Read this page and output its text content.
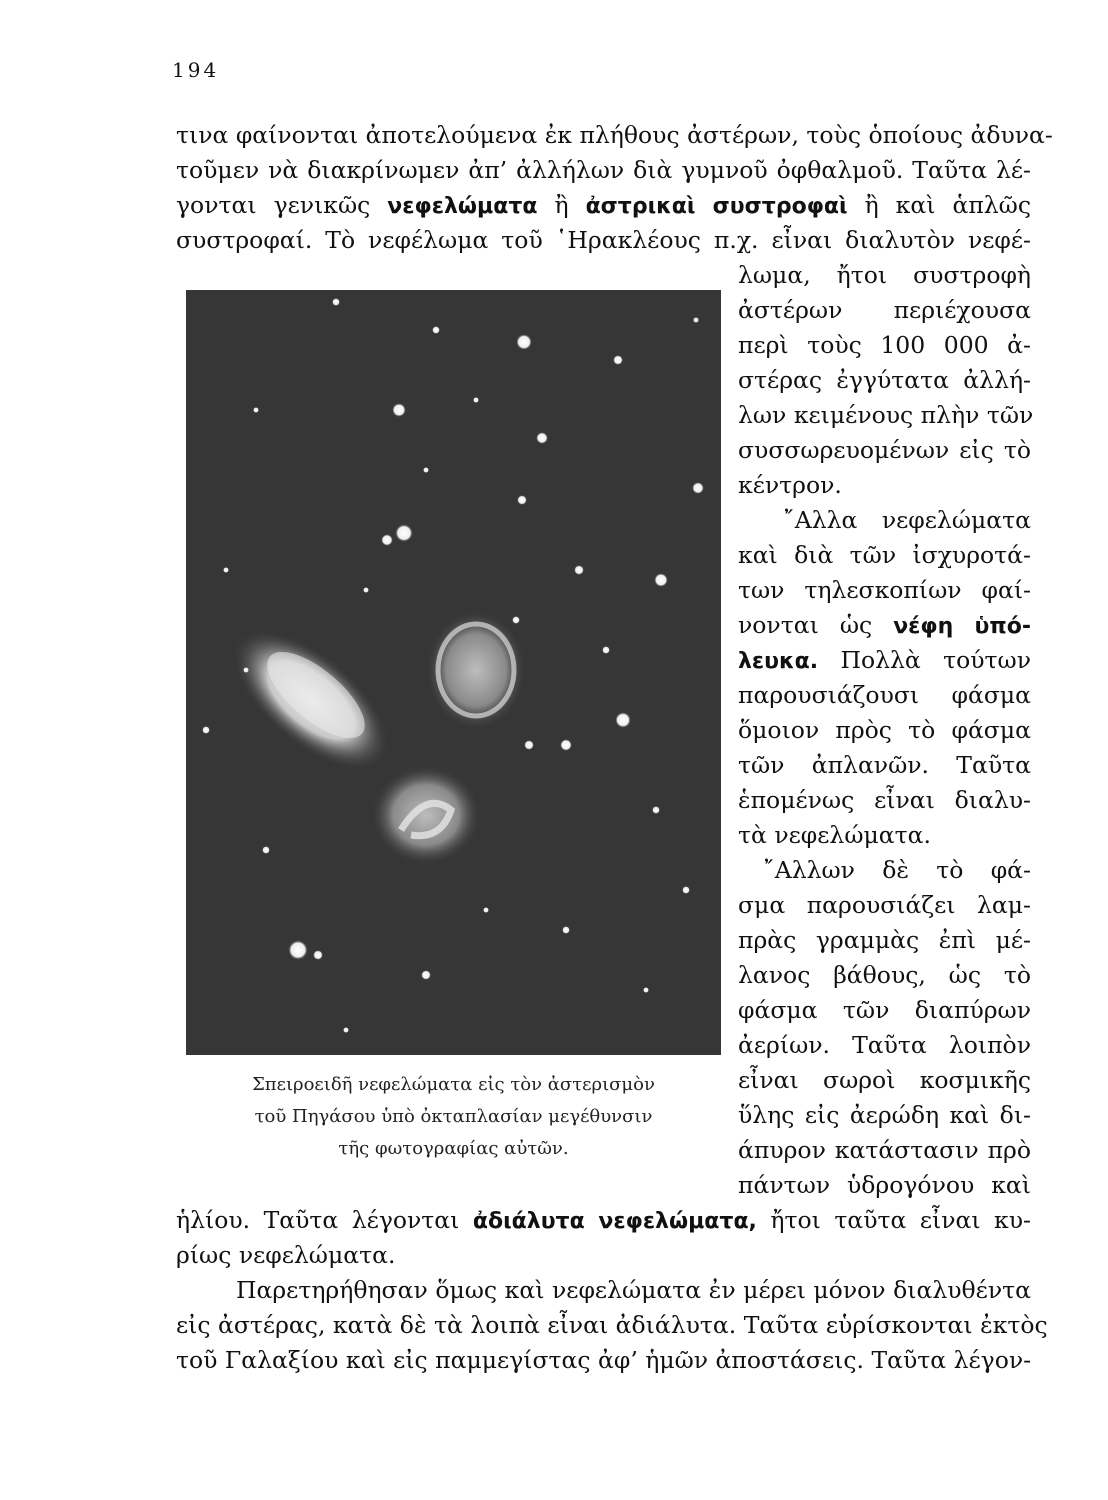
194
τινα φαίνονται ἀποτελούμενα ἐκ πλήθους ἀστέρων, τοὺς ὁποίους ἀδυνα-
τοῦμεν νὰ διακρίνωμεν ἀπ’ ἀλλήλων διὰ γυμνοῦ ὀφθαλμοῦ. Ταῦτα λέ-
γονται γενικῶς νεφελώματα ἢ ἀστρικαὶ συστροφαὶ ἢ καὶ ἁπλῶς
συστροφαί. Τὸ νεφέλωμα τοῦ ῾Ηρακλέους π.χ. εἶναι διαλυτὸν νεφέ-
λωμα, ἤτοι συστροφὴ
ἀστέρων περιέχουσα
περὶ τοὺς 100 000 ἀ-
στέρας ἐγγύτατα ἀλλή-
λων κειμένους πλὴν τῶν
συσσωρευομένων εἰς τὸ
κέντρον.
῎Αλλα νεφελώματα
καὶ διὰ τῶν ἰσχυροτά-
των τηλεσκοπίων φαί-
νονται ὡς νέφη ὑπό-
λευκα. Πολλὰ τούτων
παρουσιάζουσι φάσμα
ὅμοιον πρὸς τὸ φάσμα
τῶν ἀπλανῶν. Ταῦτα
ἑπομένως εἶναι διαλυ-
τὰ νεφελώματα.
῎Αλλων δὲ τὸ φά-
σμα παρουσιάζει λαμ-
πρὰς γραμμὰς ἐπὶ μέ-
λανος βάθους, ὡς τὸ
φάσμα τῶν διαπύρων
ἀερίων. Ταῦτα λοιπὸν
εἶναι σωροὶ κοσμικῆς
ὕλης εἰς ἀερώδη καὶ δι-
άπυρον κατάστασιν πρὸ
πάντων ὑδρογόνου καὶ
Σπειροειδῆ νεφελώματα εἰς τὸν ἀστερισμὸν
τοῦ Πηγάσου ὑπὸ ὀκταπλασίαν μεγέθυνσιν
τῆς φωτογραφίας αὐτῶν.
ἡλίου. Ταῦτα λέγονται ἀδιάλυτα νεφελώματα, ἤτοι ταῦτα εἶναι κυ-
ρίως νεφελώματα.
Παρετηρήθησαν ὅμως καὶ νεφελώματα ἐν μέρει μόνον διαλυθέντα
εἰς ἀστέρας, κατὰ δὲ τὰ λοιπὰ εἶναι ἀδιάλυτα. Ταῦτα εὑρίσκονται ἐκτὸς
τοῦ Γαλαξίου καὶ εἰς παμμεγίστας ἀφ’ ἡμῶν ἀποστάσεις. Ταῦτα λέγον-
